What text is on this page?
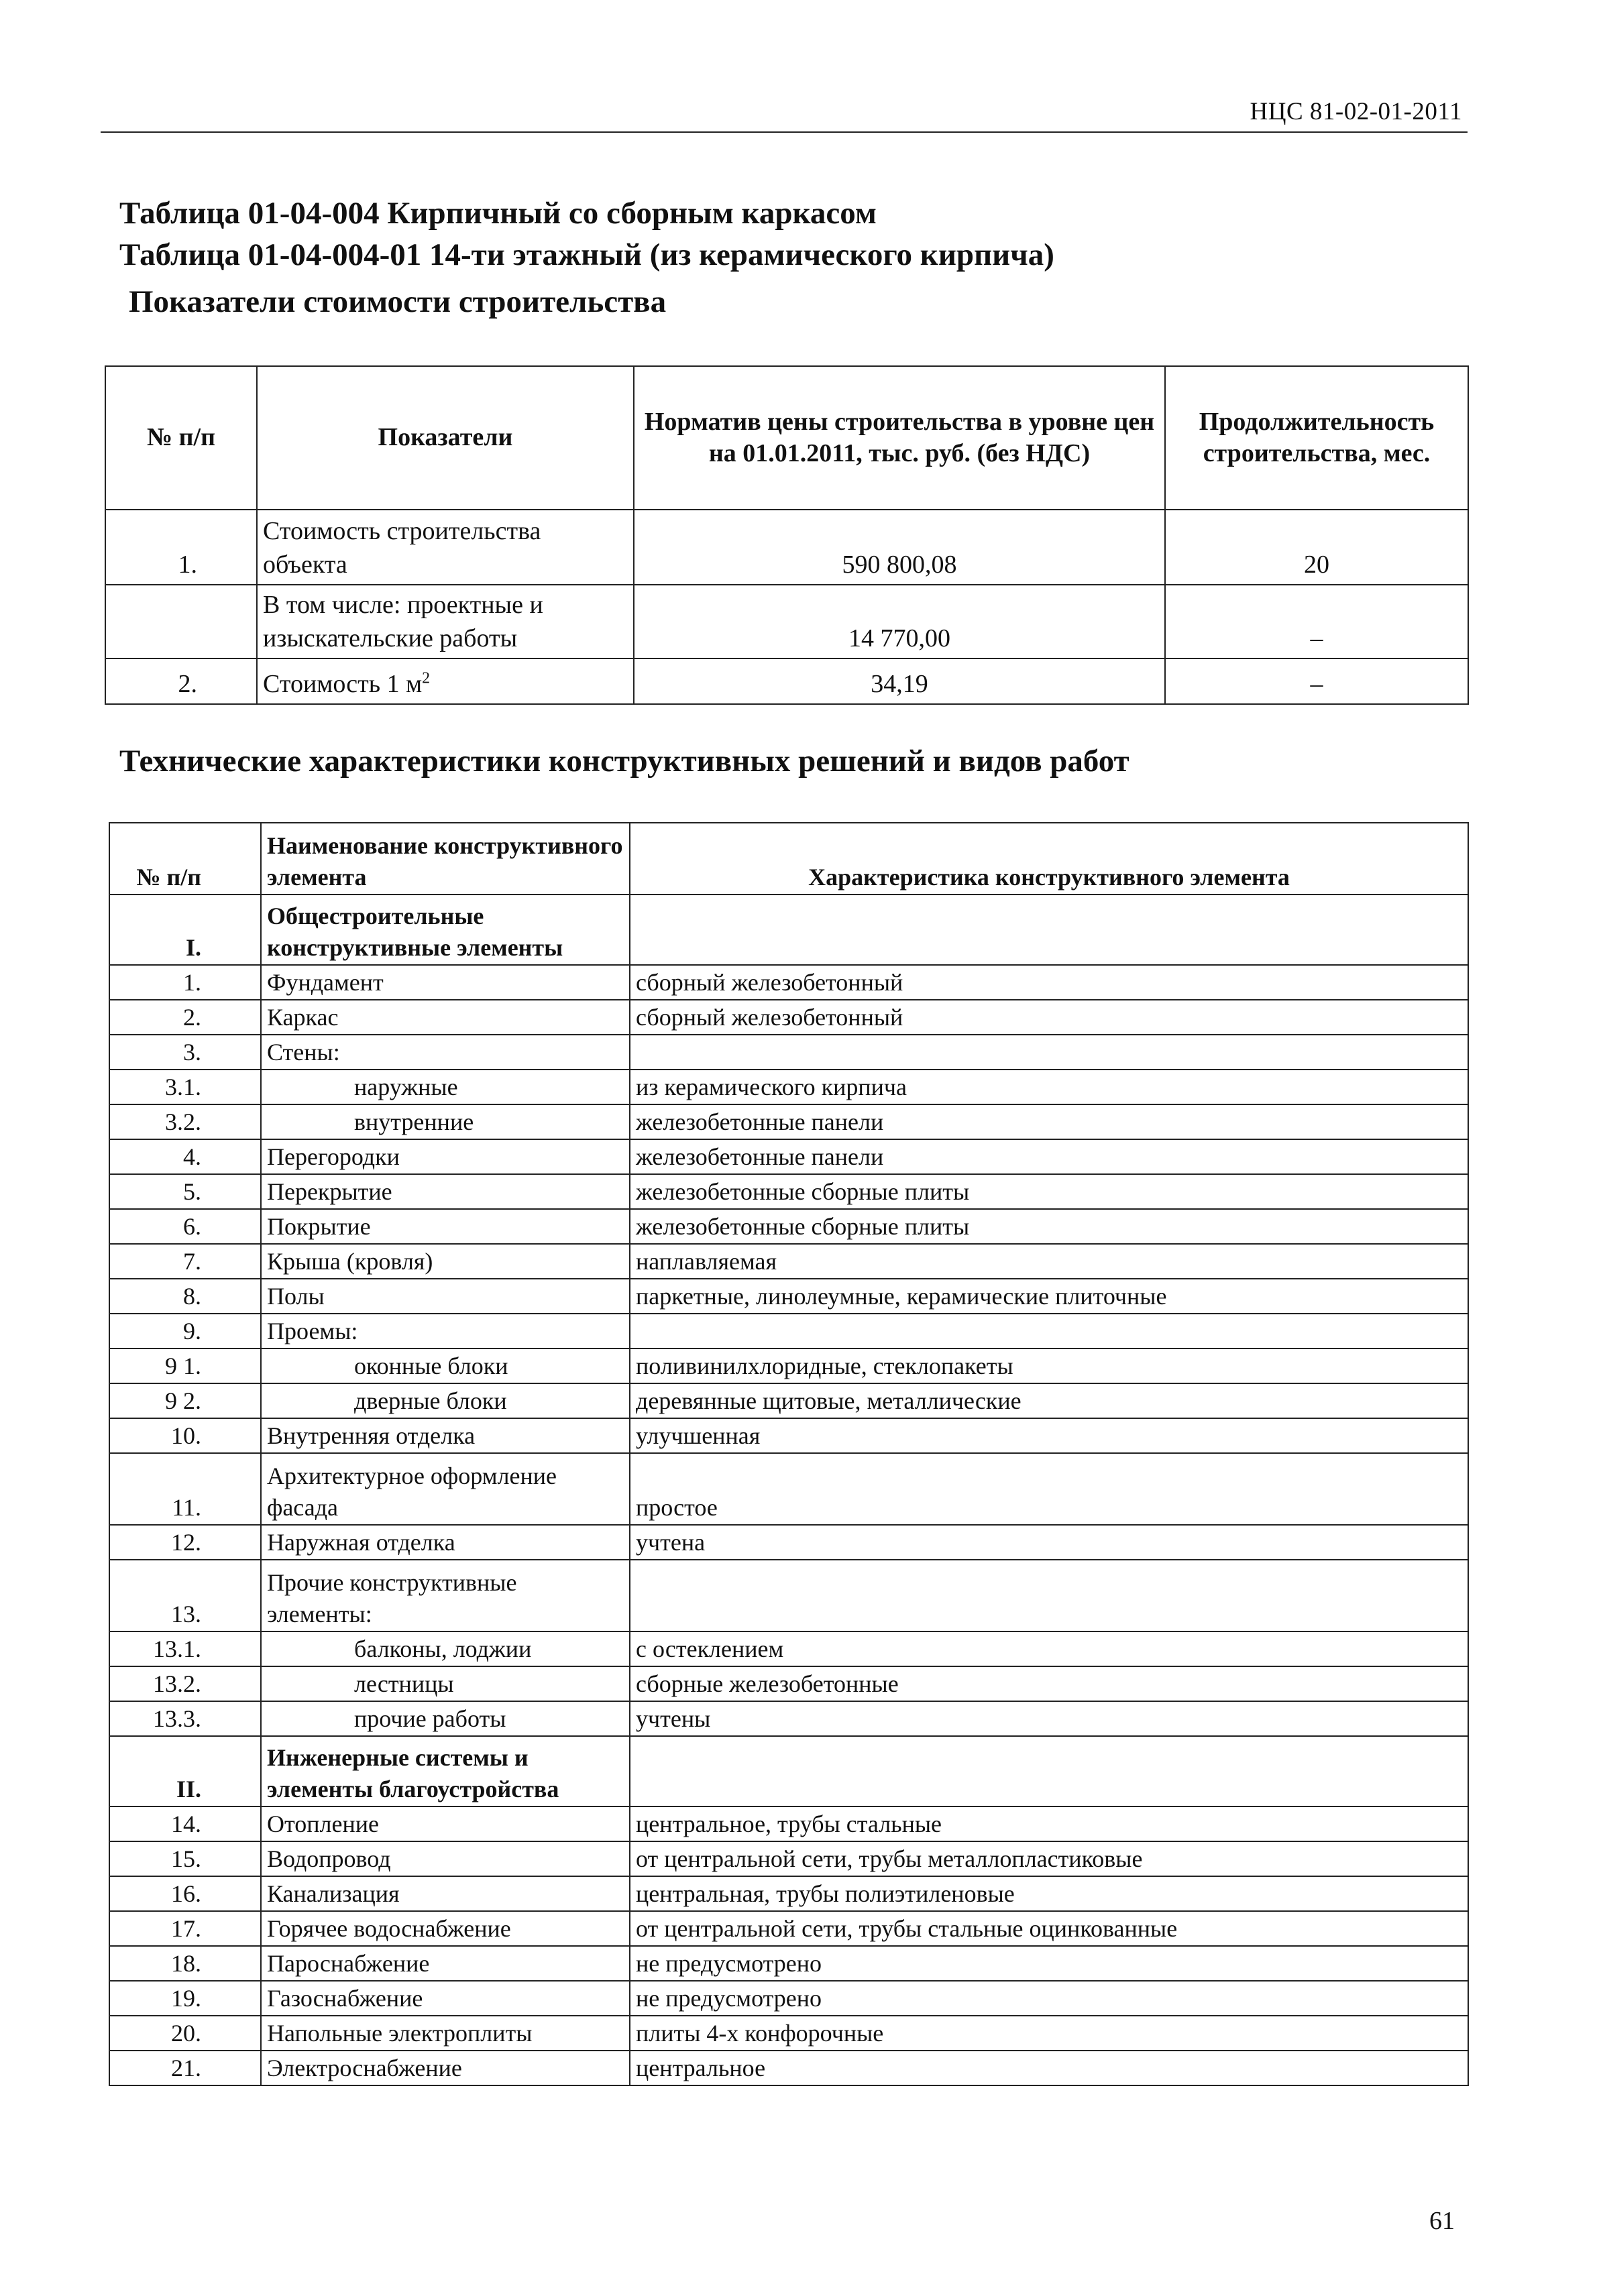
НЦС 81-02-01-2011
Таблица 01-04-004 Кирпичный со сборным каркасом
Таблица 01-04-004-01 14-ти этажный (из керамического кирпича)
Показатели стоимости строительства
№ п/п	Показатели	Норматив цены строительства в уровне цен на 01.01.2011, тыс. руб. (без НДС)	Продолжительность строительства, мес.
1.	Стоимость строительства объекта	590 800,08	20
	В том числе: проектные и изыскательские работы	14 770,00	–
2.	Стоимость 1 $м^2$	34,19	–
Технические характеристики конструктивных решений и видов работ
№ п/п	Наименование конструктивного элемента	Характеристика конструктивного элемента
I.	Общестроительные конструктивные элементы	
1.	Фундамент	сборный железобетонный
2.	Каркас	сборный железобетонный
3.	Стены:	
3.1.	наружные	из керамического кирпича
3.2.	внутренние	железобетонные панели
4.	Перегородки	железобетонные панели
5.	Перекрытие	железобетонные сборные плиты
6.	Покрытие	железобетонные сборные плиты
7.	Крыша (кровля)	наплавляемая
8.	Полы	паркетные, линолеумные, керамические плиточные
9.	Проемы:	
9 1.	оконные блоки	поливинилхлоридные, стеклопакеты
9 2.	дверные блоки	деревянные щитовые, металлические
10.	Внутренняя отделка	улучшенная
11.	Архитектурное оформление фасада	простое
12.	Наружная отделка	учтена
13.	Прочие конструктивные элементы:	
13.1.	балконы, лоджии	с остеклением
13.2.	лестницы	сборные железобетонные
13.3.	прочие работы	учтены
II.	Инженерные системы и элементы благоустройства	
14.	Отопление	центральное, трубы стальные
15.	Водопровод	от центральной сети, трубы металлопластиковые
16.	Канализация	центральная, трубы полиэтиленовые
17.	Горячее водоснабжение	от центральной сети, трубы стальные оцинкованные
18.	Пароснабжение	не предусмотрено
19.	Газоснабжение	не предусмотрено
20.	Напольные электроплиты	плиты 4-х конфорочные
21.	Электроснабжение	центральное
61
